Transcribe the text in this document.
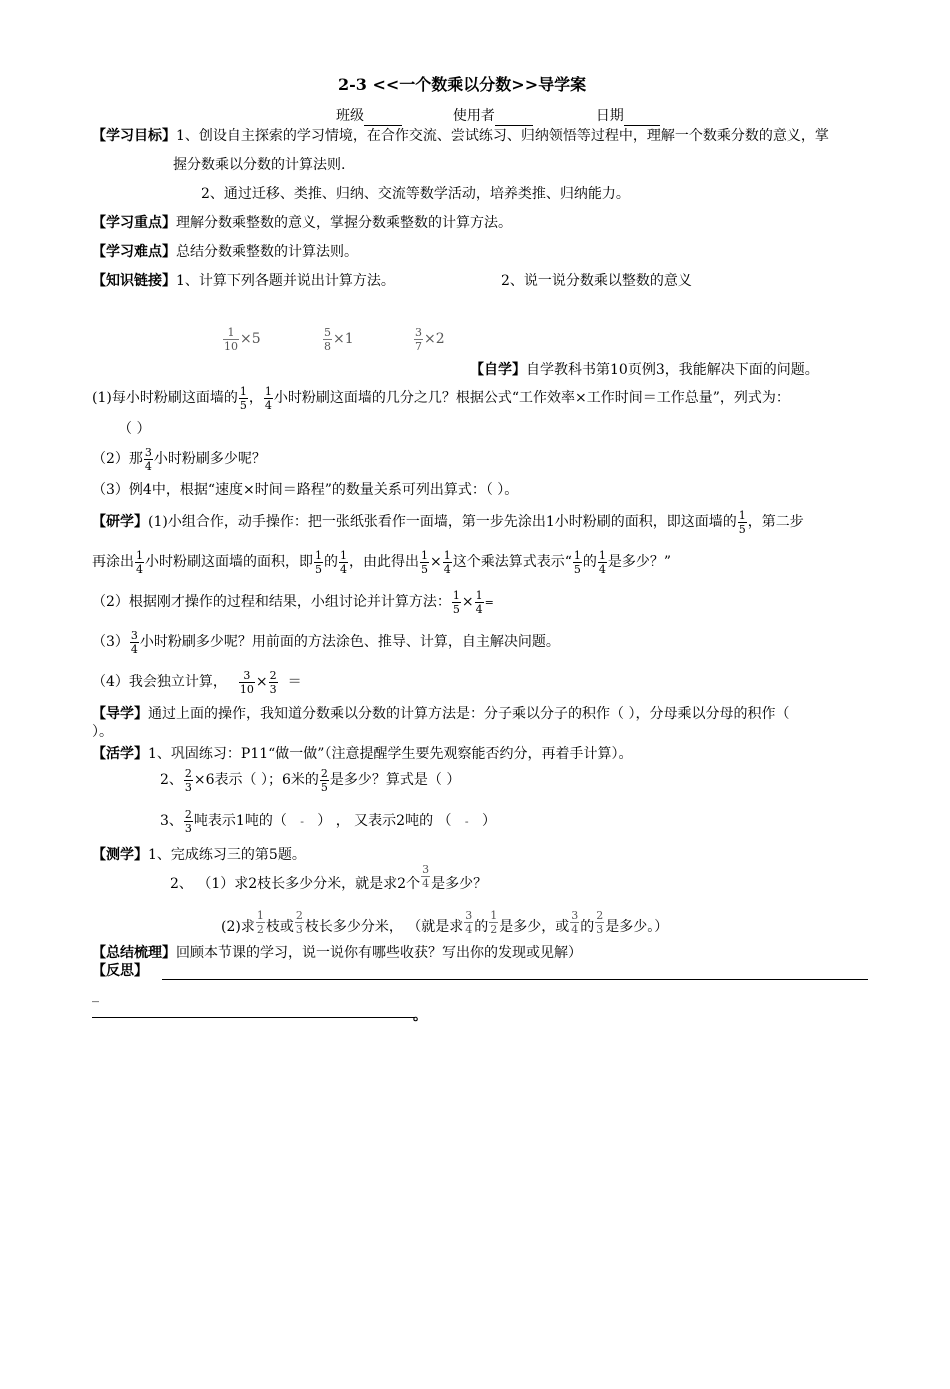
2-3 <<一个数乘以分数>>导学案
班级	使用者	日期
【学习目标】1、创设自主探索的学习情境，在合作交流、尝试练习、归纳领悟等过程中，理解一个数乘分数的意义，掌
握分数乘以分数的计算法则.
2、通过迁移、类推、归纳、交流等数学活动，培养类推、归纳能力。
【学习重点】理解分数乘整数的意义，掌握分数乘整数的计算方法。
【学习难点】总结分数乘整数的计算法则。
【知识链接】1、计算下列各题并说出计算方法。	2、说一说分数乘以整数的意义
$\frac{1}{10} \times 5$	$\frac{5}{8} \times 1$	$\frac{3}{7} \times 2$
【自学】自学教科书第10页例3，我能解决下面的问题。
(1)每小时粉刷这面墙的 $\frac{1}{5}$ ， $\frac{1}{4}$ 小时粉刷这面墙的几分之几？根据公式“工作效率×工作时间＝工作总量”，列式为：
（ ）
（2）那 $\frac{3}{4}$ 小时粉刷多少呢？
（3）例4中，根据“速度×时间＝路程”的数量关系可列出算式：（ ）。
【研学】(1)小组合作，动手操作：把一张纸张看作一面墙，第一步先涂出1小时粉刷的面积，即这面墙的 $\frac{1}{5}$ ，第二步
再涂出 $\frac{1}{4}$ 小时粉刷这面墙的面积，即 $\frac{1}{5}$ 的 $\frac{1}{4}$ ，由此得出 $\frac{1}{5} \times \frac{1}{4}$ 这个乘法算式表示“ $\frac{1}{5}$ 的 $\frac{1}{4}$ 是多少？”
（2）根据刚才操作的过程和结果，小组讨论并计算方法： $\frac{1}{5} \times \frac{1}{4}$ =
$(3) \frac{3}{4}$ 小时粉刷多少呢？用前面的方法涂色、推导、计算，自主解决问题。
（4）我会独立计算， $\frac{3}{10} \times \frac{2}{3}$ ＝
【导学】通过上面的操作，我知道分数乘以分数的计算方法是：分子乘以分子的积作（ ），分母乘以分母的积作（
）。
【活学】1、巩固练习：P11“做一做”（注意提醒学生要先观察能否约分，再着手计算）。
2、 $\frac{2}{3} \times 6$表示（ ）；6米的 $\frac{2}{5}$ 是多少？算式是（ ）
3、 $\frac{2}{3}$ 吨表示1吨的（ - ） ， 又表示2吨的 （ - ）
【测学】1、完成练习三的第5题。
2、 （1）求2枝长多少分米，就是求2个 $\frac{3}{4}$ 是多少？
(2)求 $\frac{1}{2}$ 枝或 $\frac{2}{3}$ 枝长多少分米， （就是求 $\frac{3}{4}$ 的 $\frac{1}{2}$ 是多少，或 $\frac{3}{4}$ 的 $\frac{2}{3}$ 是多少。）
【总结梳理】回顾本节课的学习，说一说你有哪些收获？写出你的发现或见解）
【反思】
_
。
